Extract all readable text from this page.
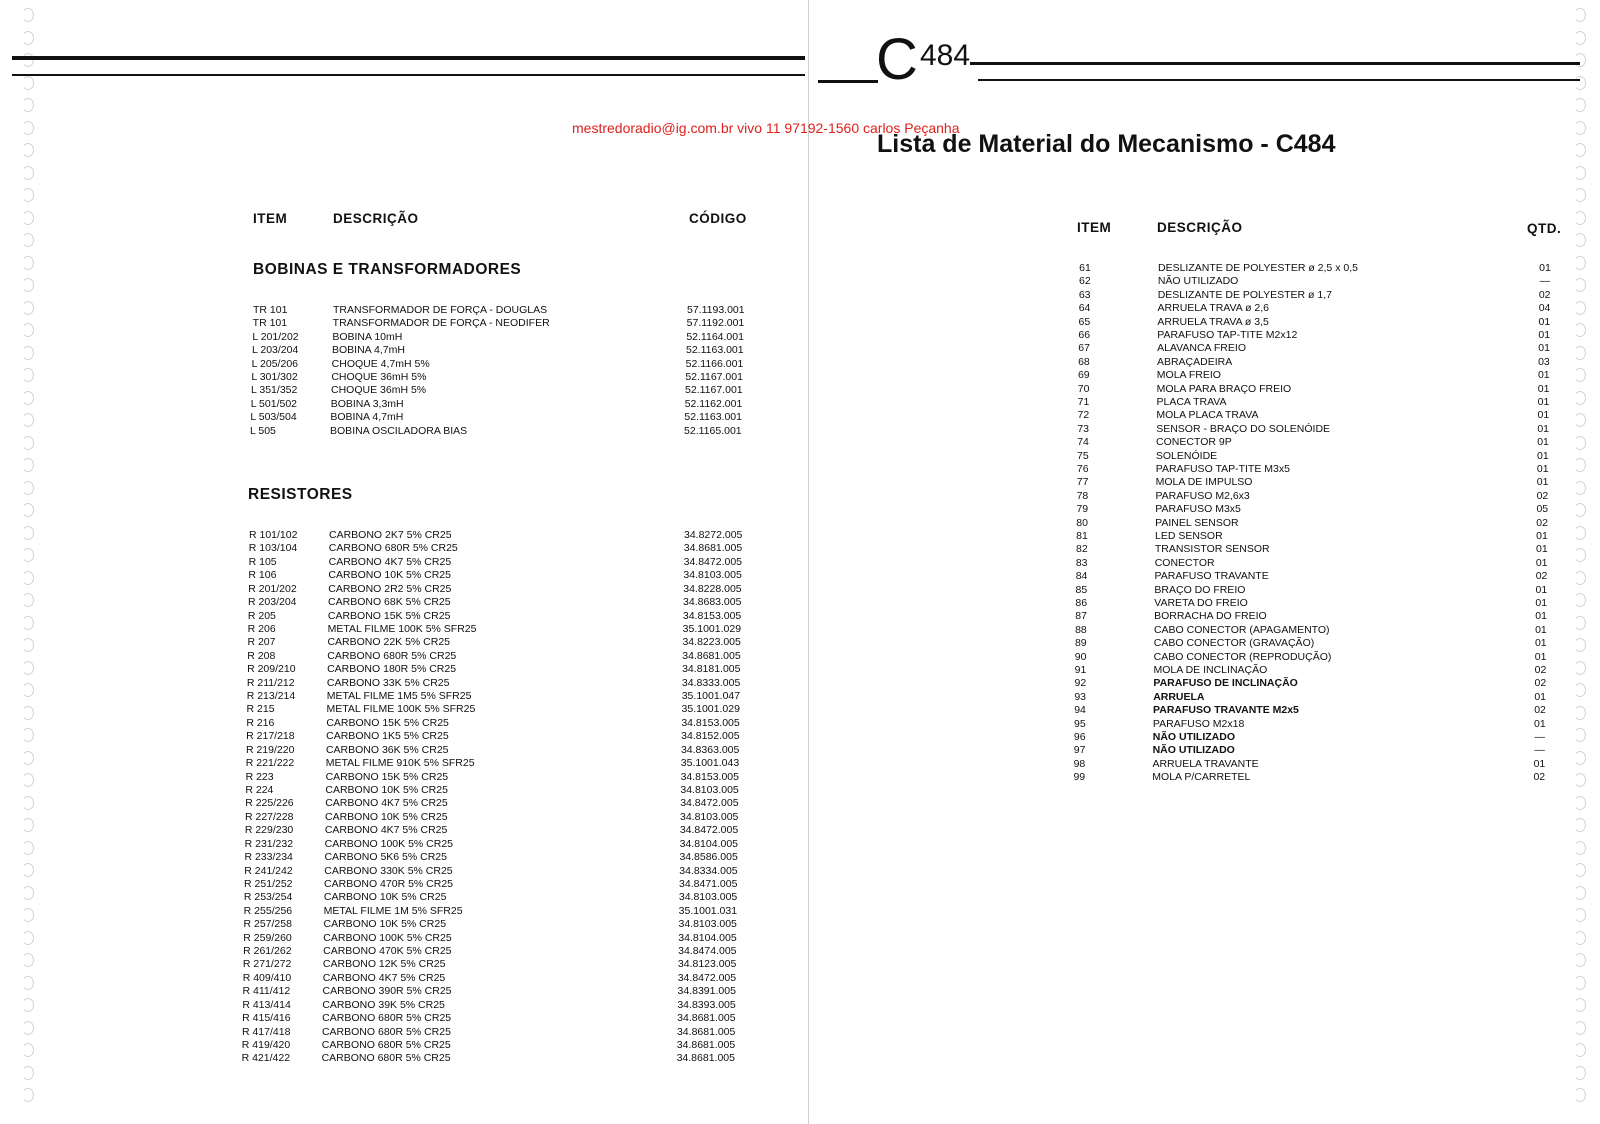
C 484
mestredoradio@ig.com.br vivo 11 97192-1560 carlos Peçanha
Lista de Material do Mecanismo - C484
ITEM	DESCRIÇÃO	CÓDIGO
BOBINAS E TRANSFORMADORES
TR 101	TRANSFORMADOR DE FORÇA - DOUGLAS	57.1193.001
TR 101	TRANSFORMADOR DE FORÇA - NEODIFER	57.1192.001
L 201/202	BOBINA 10mH	52.1164.001
L 203/204	BOBINA 4,7mH	52.1163.001
L 205/206	CHOQUE 4,7mH 5%	52.1166.001
L 301/302	CHOQUE 36mH 5%	52.1167.001
L 351/352	CHOQUE 36mH 5%	52.1167.001
L 501/502	BOBINA 3,3mH	52.1162.001
L 503/504	BOBINA 4,7mH	52.1163.001
L 505	BOBINA OSCILADORA BIAS	52.1165.001
RESISTORES
R 101/102	CARBONO 2K7 5% CR25	34.8272.005
R 103/104	CARBONO 680R 5% CR25	34.8681.005
R 105	CARBONO 4K7 5% CR25	34.8472.005
R 106	CARBONO 10K 5% CR25	34.8103.005
R 201/202	CARBONO 2R2 5% CR25	34.8228.005
R 203/204	CARBONO 68K 5% CR25	34.8683.005
R 205	CARBONO 15K 5% CR25	34.8153.005
R 206	METAL FILME 100K 5% SFR25	35.1001.029
R 207	CARBONO 22K 5% CR25	34.8223.005
R 208	CARBONO 680R 5% CR25	34.8681.005
R 209/210	CARBONO 180R 5% CR25	34.8181.005
R 211/212	CARBONO 33K 5% CR25	34.8333.005
R 213/214	METAL FILME 1M5 5% SFR25	35.1001.047
R 215	METAL FILME 100K 5% SFR25	35.1001.029
R 216	CARBONO 15K 5% CR25	34.8153.005
R 217/218	CARBONO 1K5 5% CR25	34.8152.005
R 219/220	CARBONO 36K 5% CR25	34.8363.005
R 221/222	METAL FILME 910K 5% SFR25	35.1001.043
R 223	CARBONO 15K 5% CR25	34.8153.005
R 224	CARBONO 10K 5% CR25	34.8103.005
R 225/226	CARBONO 4K7 5% CR25	34.8472.005
R 227/228	CARBONO 10K 5% CR25	34.8103.005
R 229/230	CARBONO 4K7 5% CR25	34.8472.005
R 231/232	CARBONO 100K 5% CR25	34.8104.005
R 233/234	CARBONO 5K6 5% CR25	34.8586.005
R 241/242	CARBONO 330K 5% CR25	34.8334.005
R 251/252	CARBONO 470R 5% CR25	34.8471.005
R 253/254	CARBONO 10K 5% CR25	34.8103.005
R 255/256	METAL FILME 1M 5% SFR25	35.1001.031
R 257/258	CARBONO 10K 5% CR25	34.8103.005
R 259/260	CARBONO 100K 5% CR25	34.8104.005
R 261/262	CARBONO 470K 5% CR25	34.8474.005
R 271/272	CARBONO 12K 5% CR25	34.8123.005
R 409/410	CARBONO 4K7 5% CR25	34.8472.005
R 411/412	CARBONO 390R 5% CR25	34.8391.005
R 413/414	CARBONO 39K 5% CR25	34.8393.005
R 415/416	CARBONO 680R 5% CR25	34.8681.005
R 417/418	CARBONO 680R 5% CR25	34.8681.005
R 419/420	CARBONO 680R 5% CR25	34.8681.005
R 421/422	CARBONO 680R 5% CR25	34.8681.005
ITEM	DESCRIÇÃO	QTD.
61	DESLIZANTE DE POLYESTER ø 2,5 x 0,5	01
62	NÃO UTILIZADO	—
63	DESLIZANTE DE POLYESTER ø 1,7	02
64	ARRUELA TRAVA ø 2,6	04
65	ARRUELA TRAVA ø 3,5	01
66	PARAFUSO TAP-TITE M2x12	01
67	ALAVANCA FREIO	01
68	ABRAÇADEIRA	03
69	MOLA FREIO	01
70	MOLA PARA BRAÇO FREIO	01
71	PLACA TRAVA	01
72	MOLA PLACA TRAVA	01
73	SENSOR - BRAÇO DO SOLENÓIDE	01
74	CONECTOR 9P	01
75	SOLENÓIDE	01
76	PARAFUSO TAP-TITE M3x5	01
77	MOLA DE IMPULSO	01
78	PARAFUSO M2,6x3	02
79	PARAFUSO M3x5	05
80	PAINEL SENSOR	02
81	LED SENSOR	01
82	TRANSISTOR SENSOR	01
83	CONECTOR	01
84	PARAFUSO TRAVANTE	02
85	BRAÇO DO FREIO	01
86	VARETA DO FREIO	01
87	BORRACHA DO FREIO	01
88	CABO CONECTOR (APAGAMENTO)	01
89	CABO CONECTOR (GRAVAÇÃO)	01
90	CABO CONECTOR (REPRODUÇÃO)	01
91	MOLA DE INCLINAÇÃO	02
92	PARAFUSO DE INCLINAÇÃO	02
93	ARRUELA	01
94	PARAFUSO TRAVANTE M2x5	02
95	PARAFUSO M2x18	01
96	NÃO UTILIZADO	—
97	NÃO UTILIZADO	—
98	ARRUELA TRAVANTE	01
99	MOLA P/CARRETEL	02
